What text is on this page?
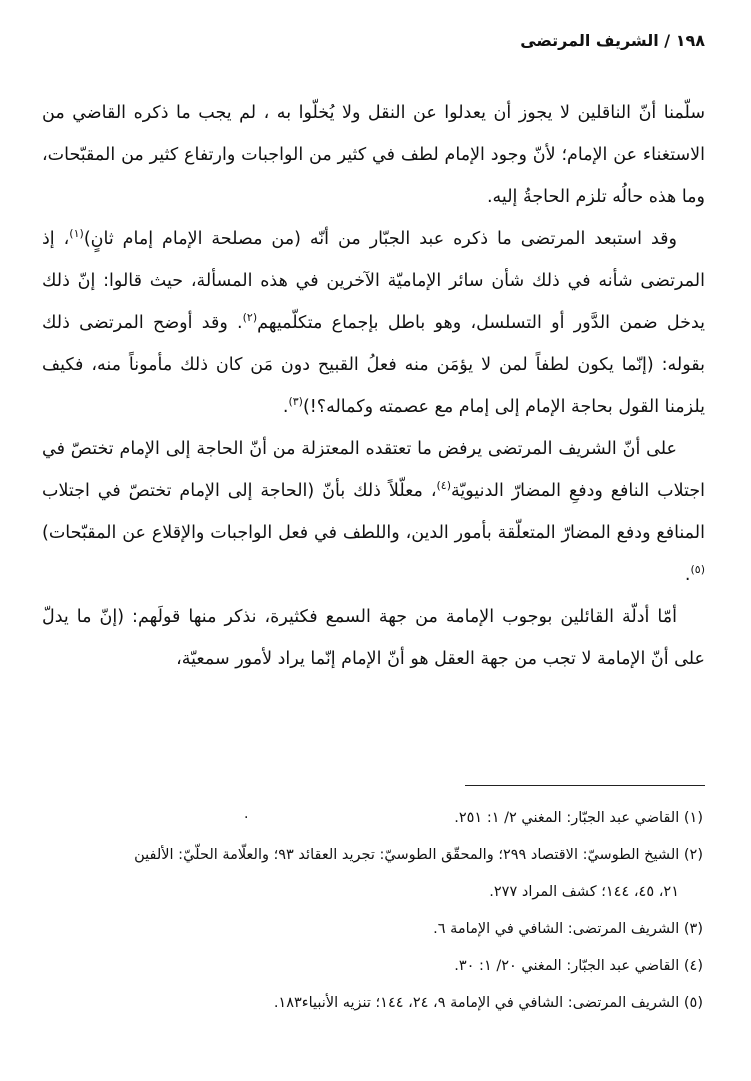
١٩٨ / الشريف المرتضى

سلّمنا أنّ الناقلين لا يجوز أن يعدلوا عن النقل ولا يُخلّوا به ، لم يجب ما ذكره القاضي من الاستغناء عن الإمام؛ لأنّ وجود الإمام لطف في كثير من الواجبات وارتفاع كثير من المقبّحات، وما هذه حالُه تلزم الحاجةُ إليه.

وقد استبعد المرتضى ما ذكره عبد الجبّار من أنّه (من مصلحة الإمام إمام ثانٍ)$^{(١)}$، إذ المرتضى شأنه في ذلك شأن سائر الإماميّة الآخرين في هذه المسألة، حيث قالوا: إنّ ذلك يدخل ضمن الدَّور أو التسلسل، وهو باطل بإجماع متكلّميهم$^{(٢)}$. وقد أوضح المرتضى ذلك بقوله: (إنّما يكون لطفاً لمن لا يؤمَن منه فعلُ القبيح دون مَن كان ذلك مأموناً منه، فكيف يلزمنا القول بحاجة الإمام إلى إمام مع عصمته وكماله؟!)$^{(٣)}$.

على أنّ الشريف المرتضى يرفض ما تعتقده المعتزلة من أنّ الحاجة إلى الإمام تختصّ في اجتلاب النافع ودفعِ المضارّ الدنيويّة$^{(٤)}$، معلّلاً ذلك بأنّ (الحاجة إلى الإمام تختصّ في اجتلاب المنافع ودفع المضارّ المتعلّقة بأمور الدين، واللطف في فعل الواجبات والإقلاع عن المقبّحات)$^{(٥)}$.

أمّا أدلّة القائلين بوجوب الإمامة من جهة السمع فكثيرة، نذكر منها قولَهم: (إنّ ما يدلّ على أنّ الإمامة لا تجب من جهة العقل هو أنّ الإمام إنّما يراد لأمور سمعيّة،

.	(١) القاضي عبد الجبّار: المغني ٢/ ١: ٢٥١.

(٢) الشيخ الطوسيّ: الاقتصاد ٢٩٩؛ والمحقّق الطوسيّ: تجريد العقائد ٩٣؛ والعلّامة الحلّيّ: الألفين

٢١، ٤٥، ١٤٤؛ كشف المراد ٢٧٧.

(٣) الشريف المرتضى: الشافي في الإمامة ٦.

(٤) القاضي عبد الجبّار: المغني ٢٠/ ١: ٣٠.

(٥) الشريف المرتضى: الشافي في الإمامة ٩، ٢٤، ١٤٤؛ تنزيه الأنبياء١٨٣.
